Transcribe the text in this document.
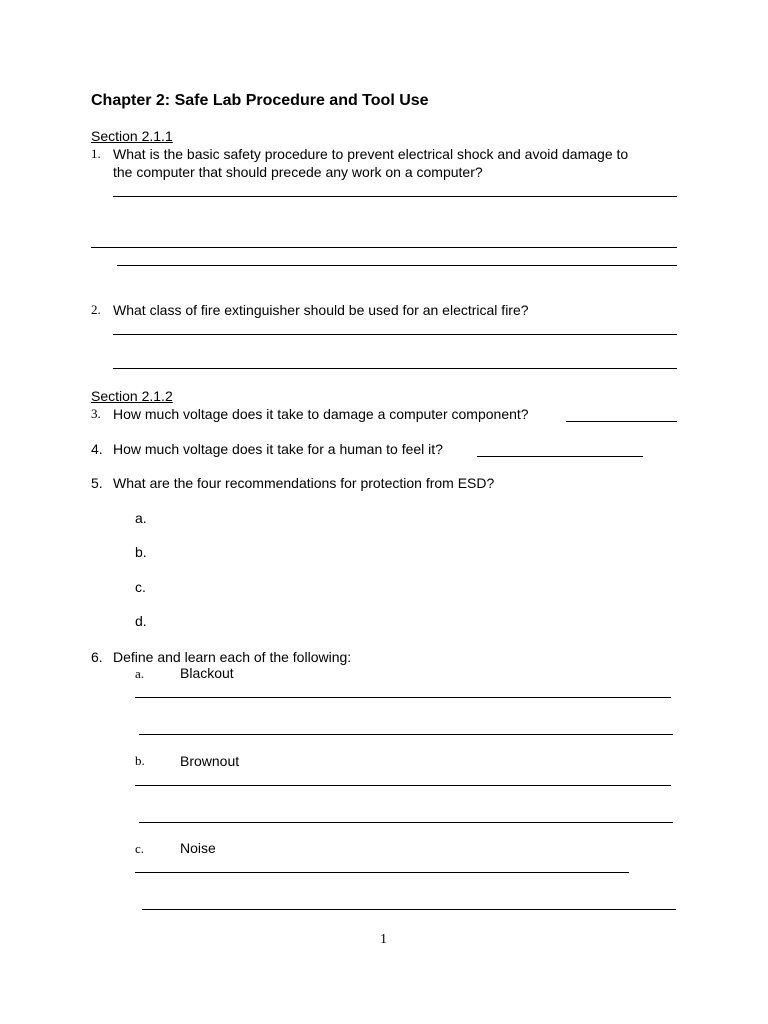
Chapter 2: Safe Lab Procedure and Tool Use
Section 2.1.1
1. What is the basic safety procedure to prevent electrical shock and avoid damage to
the computer that should precede any work on a computer?
2. What class of fire extinguisher should be used for an electrical fire?
Section 2.1.2
3. How much voltage does it take to damage a computer component?
4. How much voltage does it take for a human to feel it?
5. What are the four recommendations for protection from ESD?
a.
b.
c.
d.
6. Define and learn each of the following:
a.	Blackout
b.	Brownout
c.	Noise
1
